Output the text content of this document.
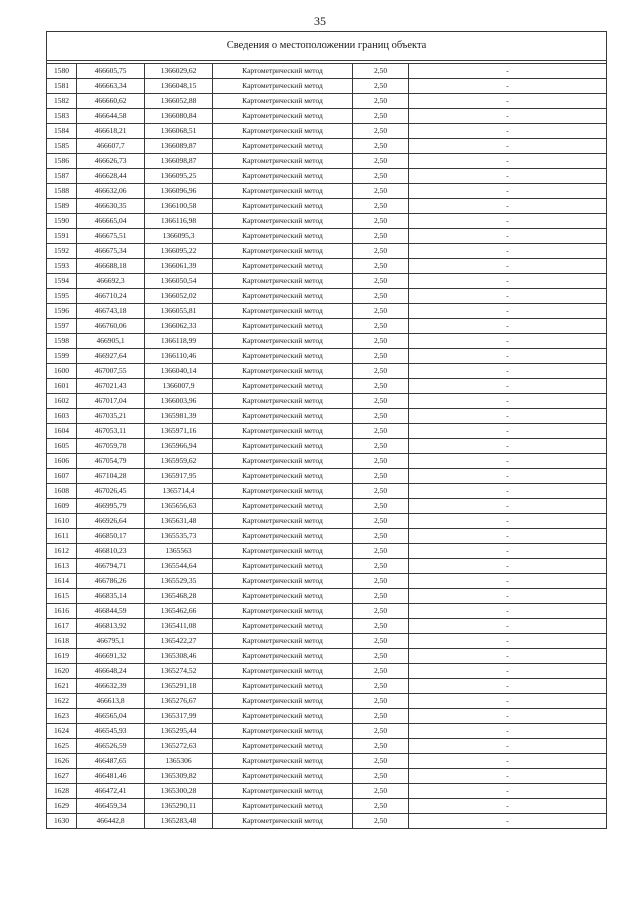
35
Сведения о местоположении границ объекта					

1580	466605,75	1366029,62	Картометрический метод	2,50	-
1581	466663,34	1366048,15	Картометрический метод	2,50	-
1582	466660,62	1366052,88	Картометрический метод	2,50	-
1583	466644,58	1366080,84	Картометрический метод	2,50	-
1584	466618,21	1366068,51	Картометрический метод	2,50	-
1585	466607,7	1366089,87	Картометрический метод	2,50	-
1586	466626,73	1366098,87	Картометрический метод	2,50	-
1587	466628,44	1366095,25	Картометрический метод	2,50	-
1588	466632,06	1366096,96	Картометрический метод	2,50	-
1589	466630,35	1366100,58	Картометрический метод	2,50	-
1590	466665,04	1366116,98	Картометрический метод	2,50	-
1591	466675,51	1366095,3	Картометрический метод	2,50	-
1592	466675,34	1366095,22	Картометрический метод	2,50	-
1593	466688,18	1366061,39	Картометрический метод	2,50	-
1594	466692,3	1366050,54	Картометрический метод	2,50	-
1595	466710,24	1366052,02	Картометрический метод	2,50	-
1596	466743,18	1366055,81	Картометрический метод	2,50	-
1597	466760,06	1366062,33	Картометрический метод	2,50	-
1598	466905,1	1366118,99	Картометрический метод	2,50	-
1599	466927,64	1366110,46	Картометрический метод	2,50	-
1600	467007,55	1366040,14	Картометрический метод	2,50	-
1601	467021,43	1366007,9	Картометрический метод	2,50	-
1602	467017,04	1366003,96	Картометрический метод	2,50	-
1603	467035,21	1365981,39	Картометрический метод	2,50	-
1604	467053,11	1365971,16	Картометрический метод	2,50	-
1605	467059,78	1365966,94	Картометрический метод	2,50	-
1606	467054,79	1365959,62	Картометрический метод	2,50	-
1607	467104,28	1365917,95	Картометрический метод	2,50	-
1608	467026,45	1365714,4	Картометрический метод	2,50	-
1609	466995,79	1365656,63	Картометрический метод	2,50	-
1610	466926,64	1365631,48	Картометрический метод	2,50	-
1611	466850,17	1365535,73	Картометрический метод	2,50	-
1612	466810,23	1365563	Картометрический метод	2,50	-
1613	466794,71	1365544,64	Картометрический метод	2,50	-
1614	466786,26	1365529,35	Картометрический метод	2,50	-
1615	466835,14	1365468,28	Картометрический метод	2,50	-
1616	466844,59	1365462,66	Картометрический метод	2,50	-
1617	466813,92	1365411,08	Картометрический метод	2,50	-
1618	466795,1	1365422,27	Картометрический метод	2,50	-
1619	466691,32	1365308,46	Картометрический метод	2,50	-
1620	466648,24	1365274,52	Картометрический метод	2,50	-
1621	466632,39	1365291,18	Картометрический метод	2,50	-
1622	466613,8	1365276,67	Картометрический метод	2,50	-
1623	466565,04	1365317,99	Картометрический метод	2,50	-
1624	466545,93	1365295,44	Картометрический метод	2,50	-
1625	466526,59	1365272,63	Картометрический метод	2,50	-
1626	466487,65	1365306	Картометрический метод	2,50	-
1627	466481,46	1365309,82	Картометрический метод	2,50	-
1628	466472,41	1365300,28	Картометрический метод	2,50	-
1629	466459,34	1365290,11	Картометрический метод	2,50	-
1630	466442,8	1365283,48	Картометрический метод	2,50	-
